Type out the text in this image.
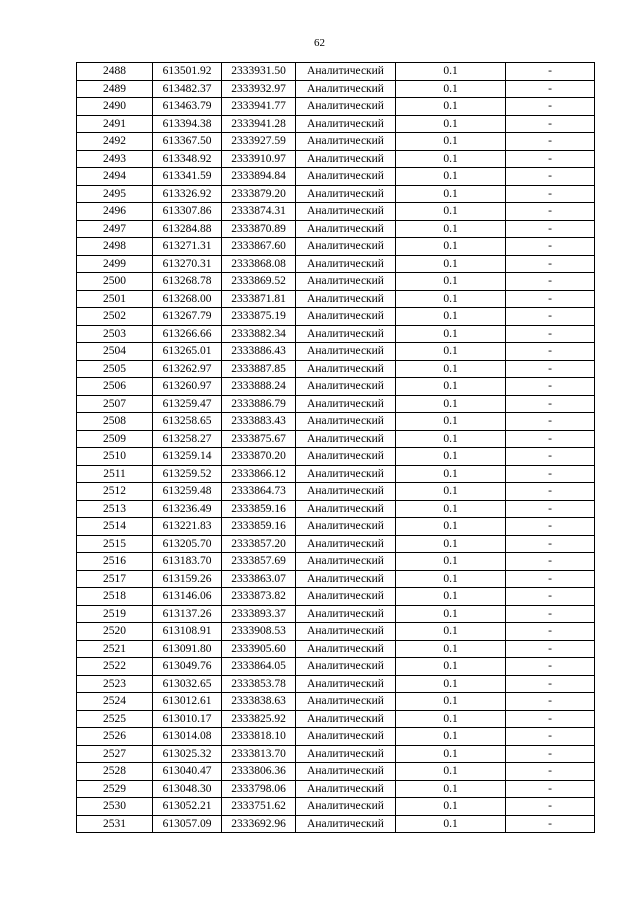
62
2488	613501.92	2333931.50	Аналитический	0.1	-
2489	613482.37	2333932.97	Аналитический	0.1	-
2490	613463.79	2333941.77	Аналитический	0.1	-
2491	613394.38	2333941.28	Аналитический	0.1	-
2492	613367.50	2333927.59	Аналитический	0.1	-
2493	613348.92	2333910.97	Аналитический	0.1	-
2494	613341.59	2333894.84	Аналитический	0.1	-
2495	613326.92	2333879.20	Аналитический	0.1	-
2496	613307.86	2333874.31	Аналитический	0.1	-
2497	613284.88	2333870.89	Аналитический	0.1	-
2498	613271.31	2333867.60	Аналитический	0.1	-
2499	613270.31	2333868.08	Аналитический	0.1	-
2500	613268.78	2333869.52	Аналитический	0.1	-
2501	613268.00	2333871.81	Аналитический	0.1	-
2502	613267.79	2333875.19	Аналитический	0.1	-
2503	613266.66	2333882.34	Аналитический	0.1	-
2504	613265.01	2333886.43	Аналитический	0.1	-
2505	613262.97	2333887.85	Аналитический	0.1	-
2506	613260.97	2333888.24	Аналитический	0.1	-
2507	613259.47	2333886.79	Аналитический	0.1	-
2508	613258.65	2333883.43	Аналитический	0.1	-
2509	613258.27	2333875.67	Аналитический	0.1	-
2510	613259.14	2333870.20	Аналитический	0.1	-
2511	613259.52	2333866.12	Аналитический	0.1	-
2512	613259.48	2333864.73	Аналитический	0.1	-
2513	613236.49	2333859.16	Аналитический	0.1	-
2514	613221.83	2333859.16	Аналитический	0.1	-
2515	613205.70	2333857.20	Аналитический	0.1	-
2516	613183.70	2333857.69	Аналитический	0.1	-
2517	613159.26	2333863.07	Аналитический	0.1	-
2518	613146.06	2333873.82	Аналитический	0.1	-
2519	613137.26	2333893.37	Аналитический	0.1	-
2520	613108.91	2333908.53	Аналитический	0.1	-
2521	613091.80	2333905.60	Аналитический	0.1	-
2522	613049.76	2333864.05	Аналитический	0.1	-
2523	613032.65	2333853.78	Аналитический	0.1	-
2524	613012.61	2333838.63	Аналитический	0.1	-
2525	613010.17	2333825.92	Аналитический	0.1	-
2526	613014.08	2333818.10	Аналитический	0.1	-
2527	613025.32	2333813.70	Аналитический	0.1	-
2528	613040.47	2333806.36	Аналитический	0.1	-
2529	613048.30	2333798.06	Аналитический	0.1	-
2530	613052.21	2333751.62	Аналитический	0.1	-
2531	613057.09	2333692.96	Аналитический	0.1	-
